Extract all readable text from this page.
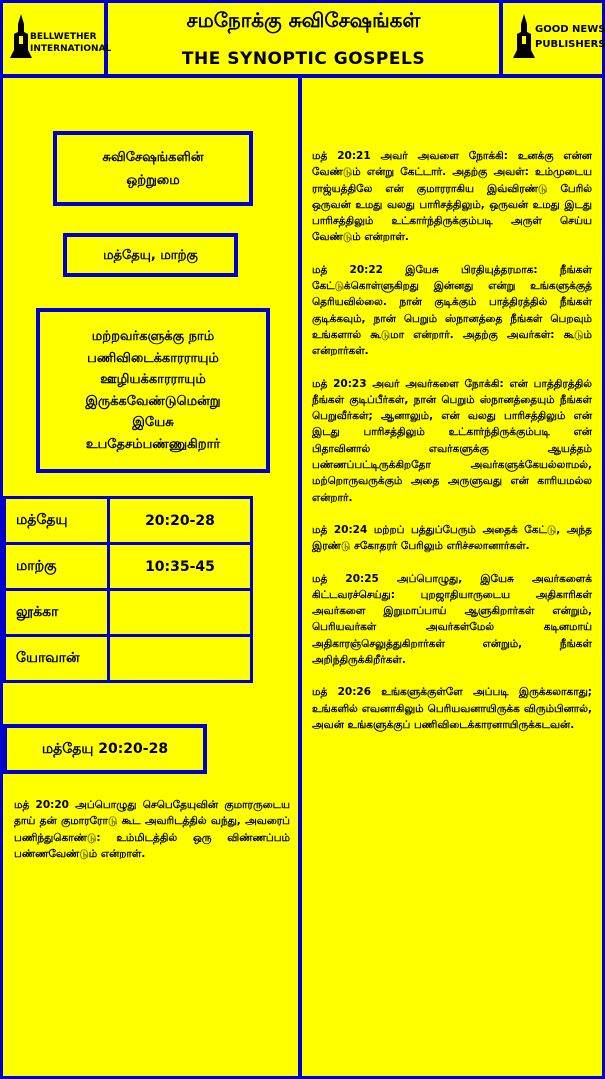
BELLWETHER
INTERNATIONAL
சமநோக்கு சுவிசேஷங்கள்
THE SYNOPTIC GOSPELS
GOOD NEWS
PUBLISHERS
சுவிசேஷங்களின்
ஒற்றுமை
மத்தேயு, மாற்கு
மற்றவர்களுக்கு நாம்
பணிவிடைக்காரராயும்
ஊழியக்காரராயும்
இருக்கவேண்டுமென்று
இயேசு
உபதேசம்பண்ணுகிறார்
மத்தேயு	20:20-28
மாற்கு	10:35-45
லூக்கா	
யோவான்	
மத்தேயு 20:20-28
மத் 20:20 அப்பொழுது செபெதேயுவின் குமாரருடைய தாய் தன் குமாரரோடு கூட அவரிடத்தில் வந்து, அவரைப் பணிந்துகொண்டு: உம்மிடத்தில் ஒரு விண்ணப்பம் பண்ணவேண்டும் என்றாள்.
மத் 20:21 அவர் அவளை நோக்கி: உனக்கு என்ன வேண்டும் என்று கேட்டார். அதற்கு அவள்: உம்முடைய ராஜ்யத்திலே என் குமாரராகிய இவ்விரண்டு பேரில் ஒருவன் உமது வலது பாரிசத்திலும், ஒருவன் உமது இடது பாரிசத்திலும் உட்கார்ந்திருக்கும்படி அருள் செய்ய வேண்டும் என்றாள்.
மத் 20:22 இயேசு பிரதியுத்தரமாக: நீங்கள் கேட்டுக்கொள்ளுகிறது இன்னது என்று உங்களுக்குத் தெரியவில்லை. நான் குடிக்கும் பாத்திரத்தில் நீங்கள் குடிக்கவும், நான் பெறும் ஸ்நானத்தை நீங்கள் பெறவும் உங்களால் கூடுமா என்றார். அதற்கு அவர்கள்: கூடும் என்றார்கள்.
மத் 20:23 அவர் அவர்களை நோக்கி: என் பாத்திரத்தில் நீங்கள் குடிப்பீர்கள், நான் பெறும் ஸ்நானத்தையும் நீங்கள் பெறுவீர்கள்; ஆனாலும், என் வலது பாரிசத்திலும் என் இடது பாரிசத்திலும் உட்கார்ந்திருக்கும்படி என் பிதாவினால் எவர்களுக்கு ஆயத்தம் பண்ணப்பட்டிருக்கிறதோ அவர்களுக்கேயல்லாமல், மற்றொருவருக்கும் அதை அருளுவது என் காரியமல்ல என்றார்.
மத் 20:24 மற்றப் பத்துப்பேரும் அதைக் கேட்டு, அந்த இரண்டு சகோதரர் பேரிலும் எரிச்சலானார்கள்.
மத் 20:25 அப்பொழுது, இயேசு அவர்களைக் கிட்டவரச்செய்து: புறஜாதியாருடைய அதிகாரிகள் அவர்களை இறுமாப்பாய் ஆளுகிறார்கள் என்றும், பெரியவர்கள் அவர்கள்மேல் கடினமாய் அதிகாரஞ்செலுத்துகிறார்கள் என்றும், நீங்கள் அறிந்திருக்கிறீர்கள்.
மத் 20:26 உங்களுக்குள்ளே அப்படி இருக்கலாகாது; உங்களில் எவனாகிலும் பெரியவனாயிருக்க விரும்பினால், அவன் உங்களுக்குப் பணிவிடைக்காரனாயிருக்கடவன்.
